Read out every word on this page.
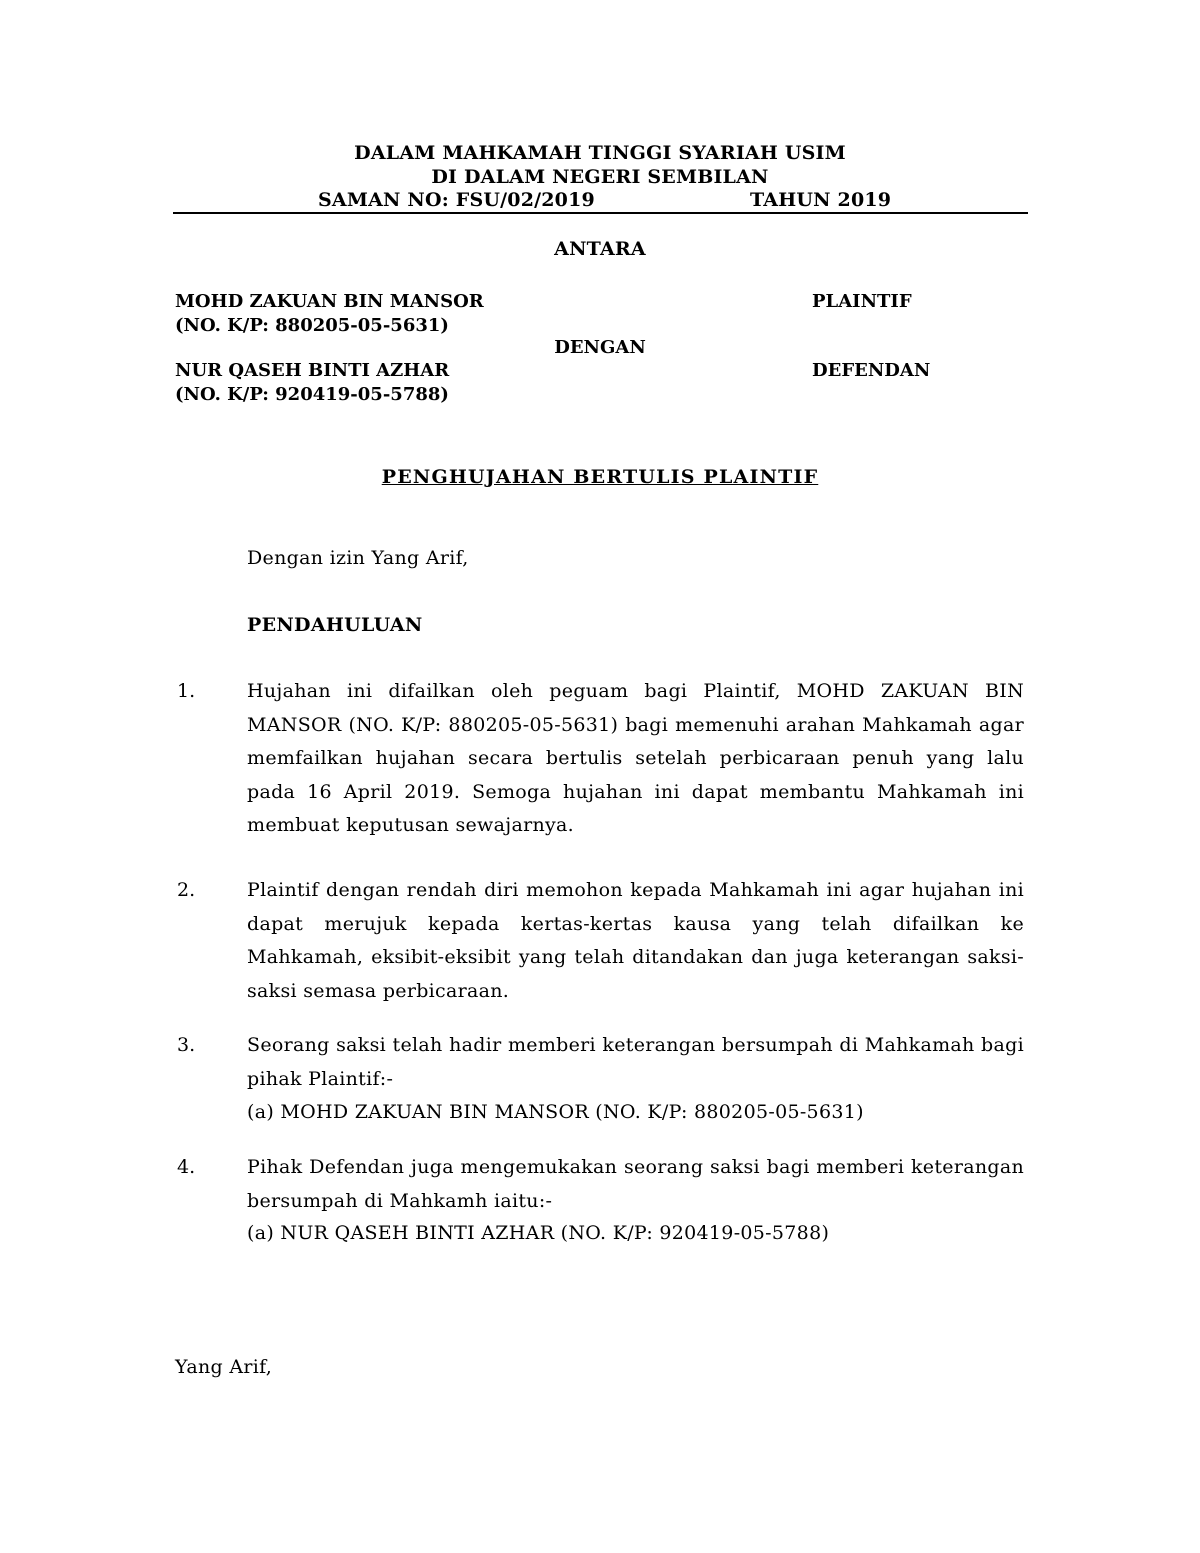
DALAM MAHKAMAH TINGGI SYARIAH USIM
DI DALAM NEGERI SEMBILAN
SAMAN NO: FSU/02/2019	TAHUN 2019
ANTARA
MOHD ZAKUAN BIN MANSOR
(NO. K/P: 880205-05-5631)
PLAINTIF
DENGAN
NUR QASEH BINTI AZHAR
(NO. K/P: 920419-05-5788)
DEFENDAN
PENGHUJAHAN BERTULIS PLAINTIF
Dengan izin Yang Arif,
PENDAHULUAN
1.	Hujahan ini difailkan oleh peguam bagi Plaintif, MOHD ZAKUAN BIN MANSOR (NO. K/P: 880205-05-5631) bagi memenuhi arahan Mahkamah agar memfailkan hujahan secara bertulis setelah perbicaraan penuh yang lalu pada 16 April 2019. Semoga hujahan ini dapat membantu Mahkamah ini membuat keputusan sewajarnya.
2.	Plaintif dengan rendah diri memohon kepada Mahkamah ini agar hujahan ini dapat merujuk kepada kertas-kertas kausa yang telah difailkan ke Mahkamah, eksibit-eksibit yang telah ditandakan dan juga keterangan saksi-saksi semasa perbicaraan.
3.	Seorang saksi telah hadir memberi keterangan bersumpah di Mahkamah bagi pihak Plaintif:-
(a) MOHD ZAKUAN BIN MANSOR (NO. K/P: 880205-05-5631)
4.	Pihak Defendan juga mengemukakan seorang saksi bagi memberi keterangan bersumpah di Mahkamh iaitu:-
(a) NUR QASEH BINTI AZHAR (NO. K/P: 920419-05-5788)
Yang Arif,
